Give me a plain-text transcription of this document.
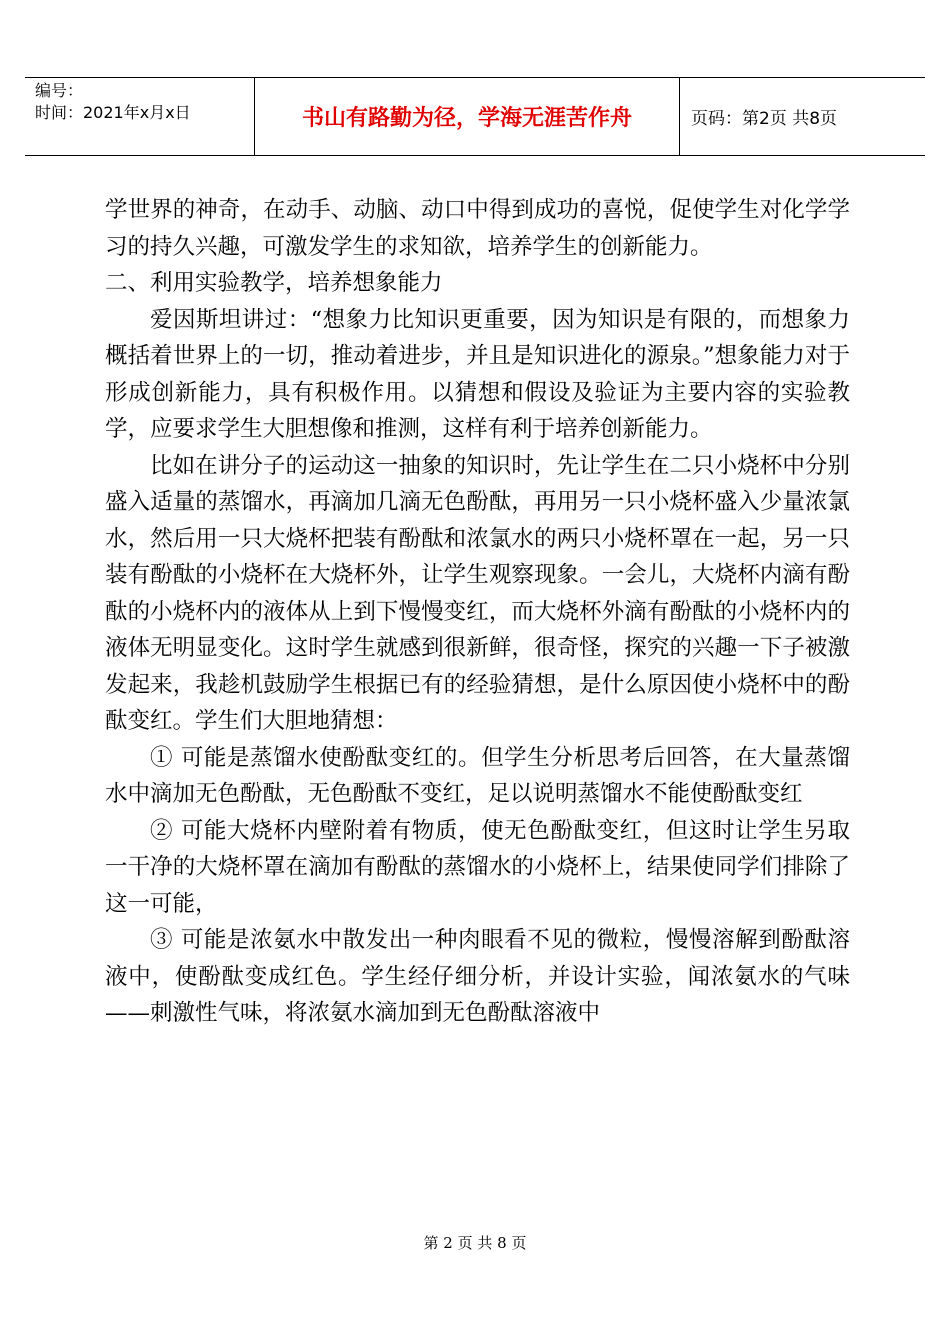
编号：
时间：2021年x月x日	书山有路勤为径，学海无涯苦作舟	页码：第2页 共8页

学世界的神奇，在动手、动脑、动口中得到成功的喜悦，促使学生对化学学习的持久兴趣，可激发学生的求知欲，培养学生的创新能力。

二、利用实验教学，培养想象能力

爱因斯坦讲过：“想象力比知识更重要，因为知识是有限的，而想象力概括着世界上的一切，推动着进步，并且是知识进化的源泉。”想象能力对于形成创新能力，具有积极作用。以猜想和假设及验证为主要内容的实验教学，应要求学生大胆想像和推测，这样有利于培养创新能力。

比如在讲分子的运动这一抽象的知识时，先让学生在二只小烧杯中分别盛入适量的蒸馏水，再滴加几滴无色酚酞，再用另一只小烧杯盛入少量浓氯水，然后用一只大烧杯把装有酚酞和浓氯水的两只小烧杯罩在一起，另一只装有酚酞的小烧杯在大烧杯外，让学生观察现象。一会儿，大烧杯内滴有酚酞的小烧杯内的液体从上到下慢慢变红，而大烧杯外滴有酚酞的小烧杯内的液体无明显变化。这时学生就感到很新鲜，很奇怪，探究的兴趣一下子被激发起来，我趁机鼓励学生根据已有的经验猜想，是什么原因使小烧杯中的酚酞变红。学生们大胆地猜想：

① 可能是蒸馏水使酚酞变红的。但学生分析思考后回答，在大量蒸馏水中滴加无色酚酞，无色酚酞不变红，足以说明蒸馏水不能使酚酞变红

② 可能大烧杯内壁附着有物质，使无色酚酞变红，但这时让学生另取一干净的大烧杯罩在滴加有酚酞的蒸馏水的小烧杯上，结果使同学们排除了这一可能，

③ 可能是浓氨水中散发出一种肉眼看不见的微粒，慢慢溶解到酚酞溶液中，使酚酞变成红色。学生经仔细分析，并设计实验，闻浓氨水的气味——刺激性气味，将浓氨水滴加到无色酚酞溶液中

第 2 页 共 8 页
